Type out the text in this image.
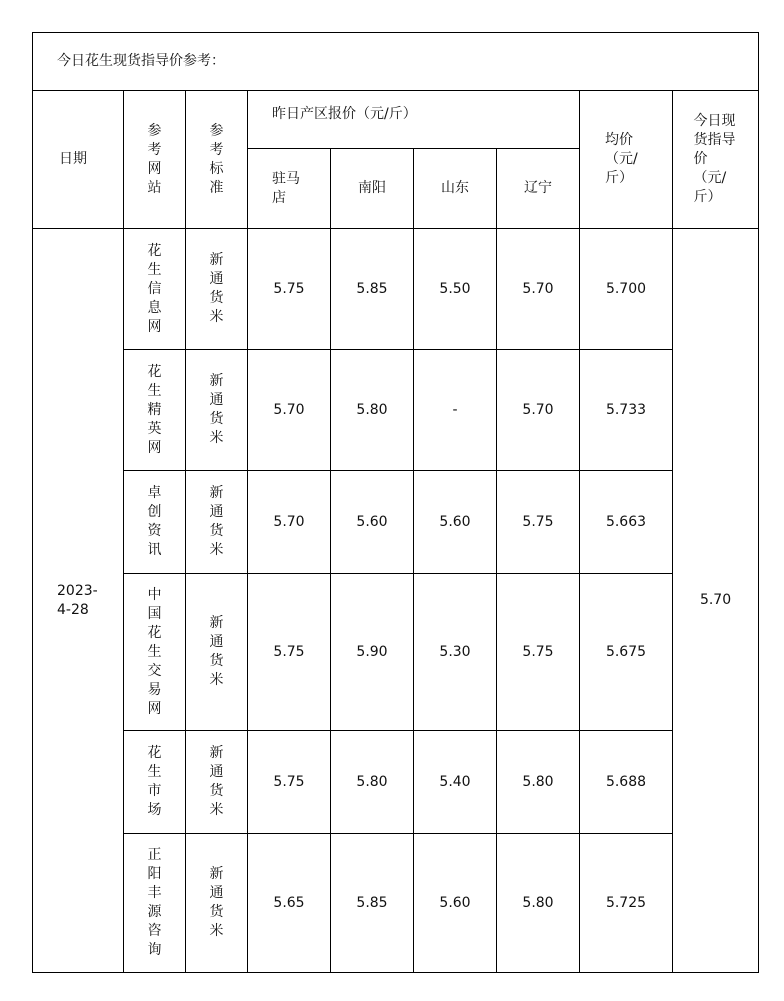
今日花生现货指导价参考：								
日期	参考网站	参考标准	昨日产区报价（元/斤）				均价（元/斤）	今日现货指导价（元/斤）

			驻马店	南阳	山东	辽宁		

2023-4-28	花生信息网	新通货米	5.75	5.85	5.50	5.70	5.700	5.70

	花生精英网	新通货米	5.70	5.80	-	5.70	5.733	

	卓创资讯	新通货米	5.70	5.60	5.60	5.75	5.663	

	中国花生交易网	新通货米	5.75	5.90	5.30	5.75	5.675	

	花生市场	新通货米	5.75	5.80	5.40	5.80	5.688	

	正阳丰源咨询	新通货米	5.65	5.85	5.60	5.80	5.725	
